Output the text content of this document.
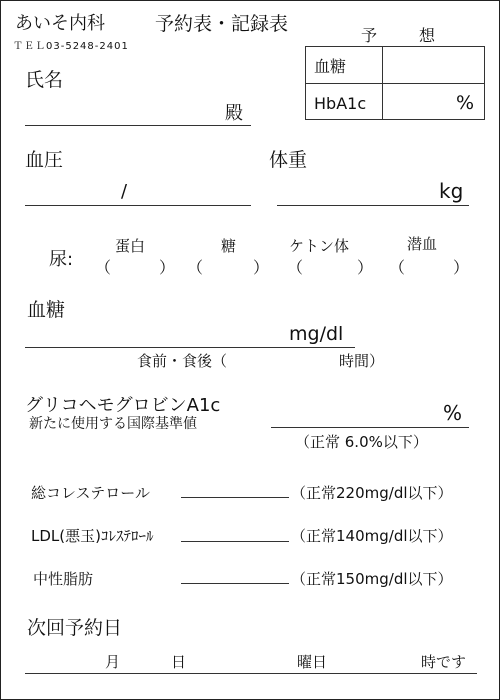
あいそ内科	予約表・記録表
ＴＥＬ03-5248-2401
予	想
血糖
HbA1c	%
氏名
殿
血圧
/
体重
kg
尿:
蛋白	糖	ケトン体	潜血
（	） （	） （	） （	）
血糖
mg/dl
食前・食後（	時間）
グリコヘモグロビンA1c
新たに使用する国際基準値	%
（正常 6.0%以下）
総コレステロール	（正常220mg/dl以下）
LDL(悪玉)ｺﾚｽﾃﾛｰﾙ	（正常140mg/dl以下）
中性脂肪	（正常150mg/dl以下）
次回予約日
月	日	曜日	時です
